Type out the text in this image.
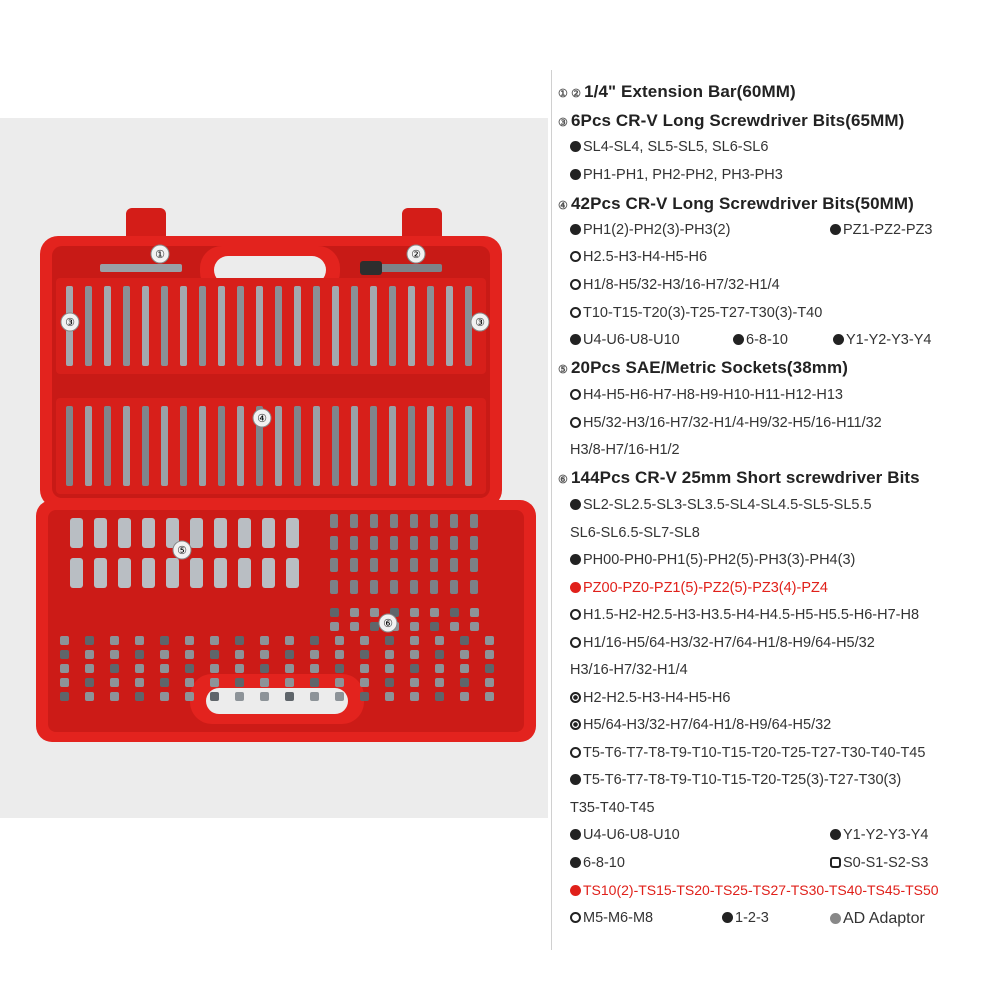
①	②
③	③
④
⑤
⑥
① ② 1/4" Extension Bar(60MM)
③ 6Pcs CR-V Long Screwdriver Bits(65MM)
SL4-SL4, SL5-SL5, SL6-SL6
PH1-PH1, PH2-PH2, PH3-PH3
④ 42Pcs CR-V Long Screwdriver Bits(50MM)
PH1(2)-PH2(3)-PH3(2)	PZ1-PZ2-PZ3
H2.5-H3-H4-H5-H6
H1/8-H5/32-H3/16-H7/32-H1/4
T10-T15-T20(3)-T25-T27-T30(3)-T40
U4-U6-U8-U10	6-8-10	Y1-Y2-Y3-Y4
⑤ 20Pcs SAE/Metric Sockets(38mm)
H4-H5-H6-H7-H8-H9-H10-H11-H12-H13
H5/32-H3/16-H7/32-H1/4-H9/32-H5/16-H11/32
H3/8-H7/16-H1/2
⑥ 144Pcs CR-V 25mm Short screwdriver Bits
SL2-SL2.5-SL3-SL3.5-SL4-SL4.5-SL5-SL5.5
SL6-SL6.5-SL7-SL8
PH00-PH0-PH1(5)-PH2(5)-PH3(3)-PH4(3)
PZ00-PZ0-PZ1(5)-PZ2(5)-PZ3(4)-PZ4
H1.5-H2-H2.5-H3-H3.5-H4-H4.5-H5-H5.5-H6-H7-H8
H1/16-H5/64-H3/32-H7/64-H1/8-H9/64-H5/32
H3/16-H7/32-H1/4
H2-H2.5-H3-H4-H5-H6
H5/64-H3/32-H7/64-H1/8-H9/64-H5/32
T5-T6-T7-T8-T9-T10-T15-T20-T25-T27-T30-T40-T45
T5-T6-T7-T8-T9-T10-T15-T20-T25(3)-T27-T30(3)
T35-T40-T45
U4-U6-U8-U10	Y1-Y2-Y3-Y4
6-8-10	S0-S1-S2-S3
TS10(2)-TS15-TS20-TS25-TS27-TS30-TS40-TS45-TS50
M5-M6-M8	1-2-3	AD Adaptor
